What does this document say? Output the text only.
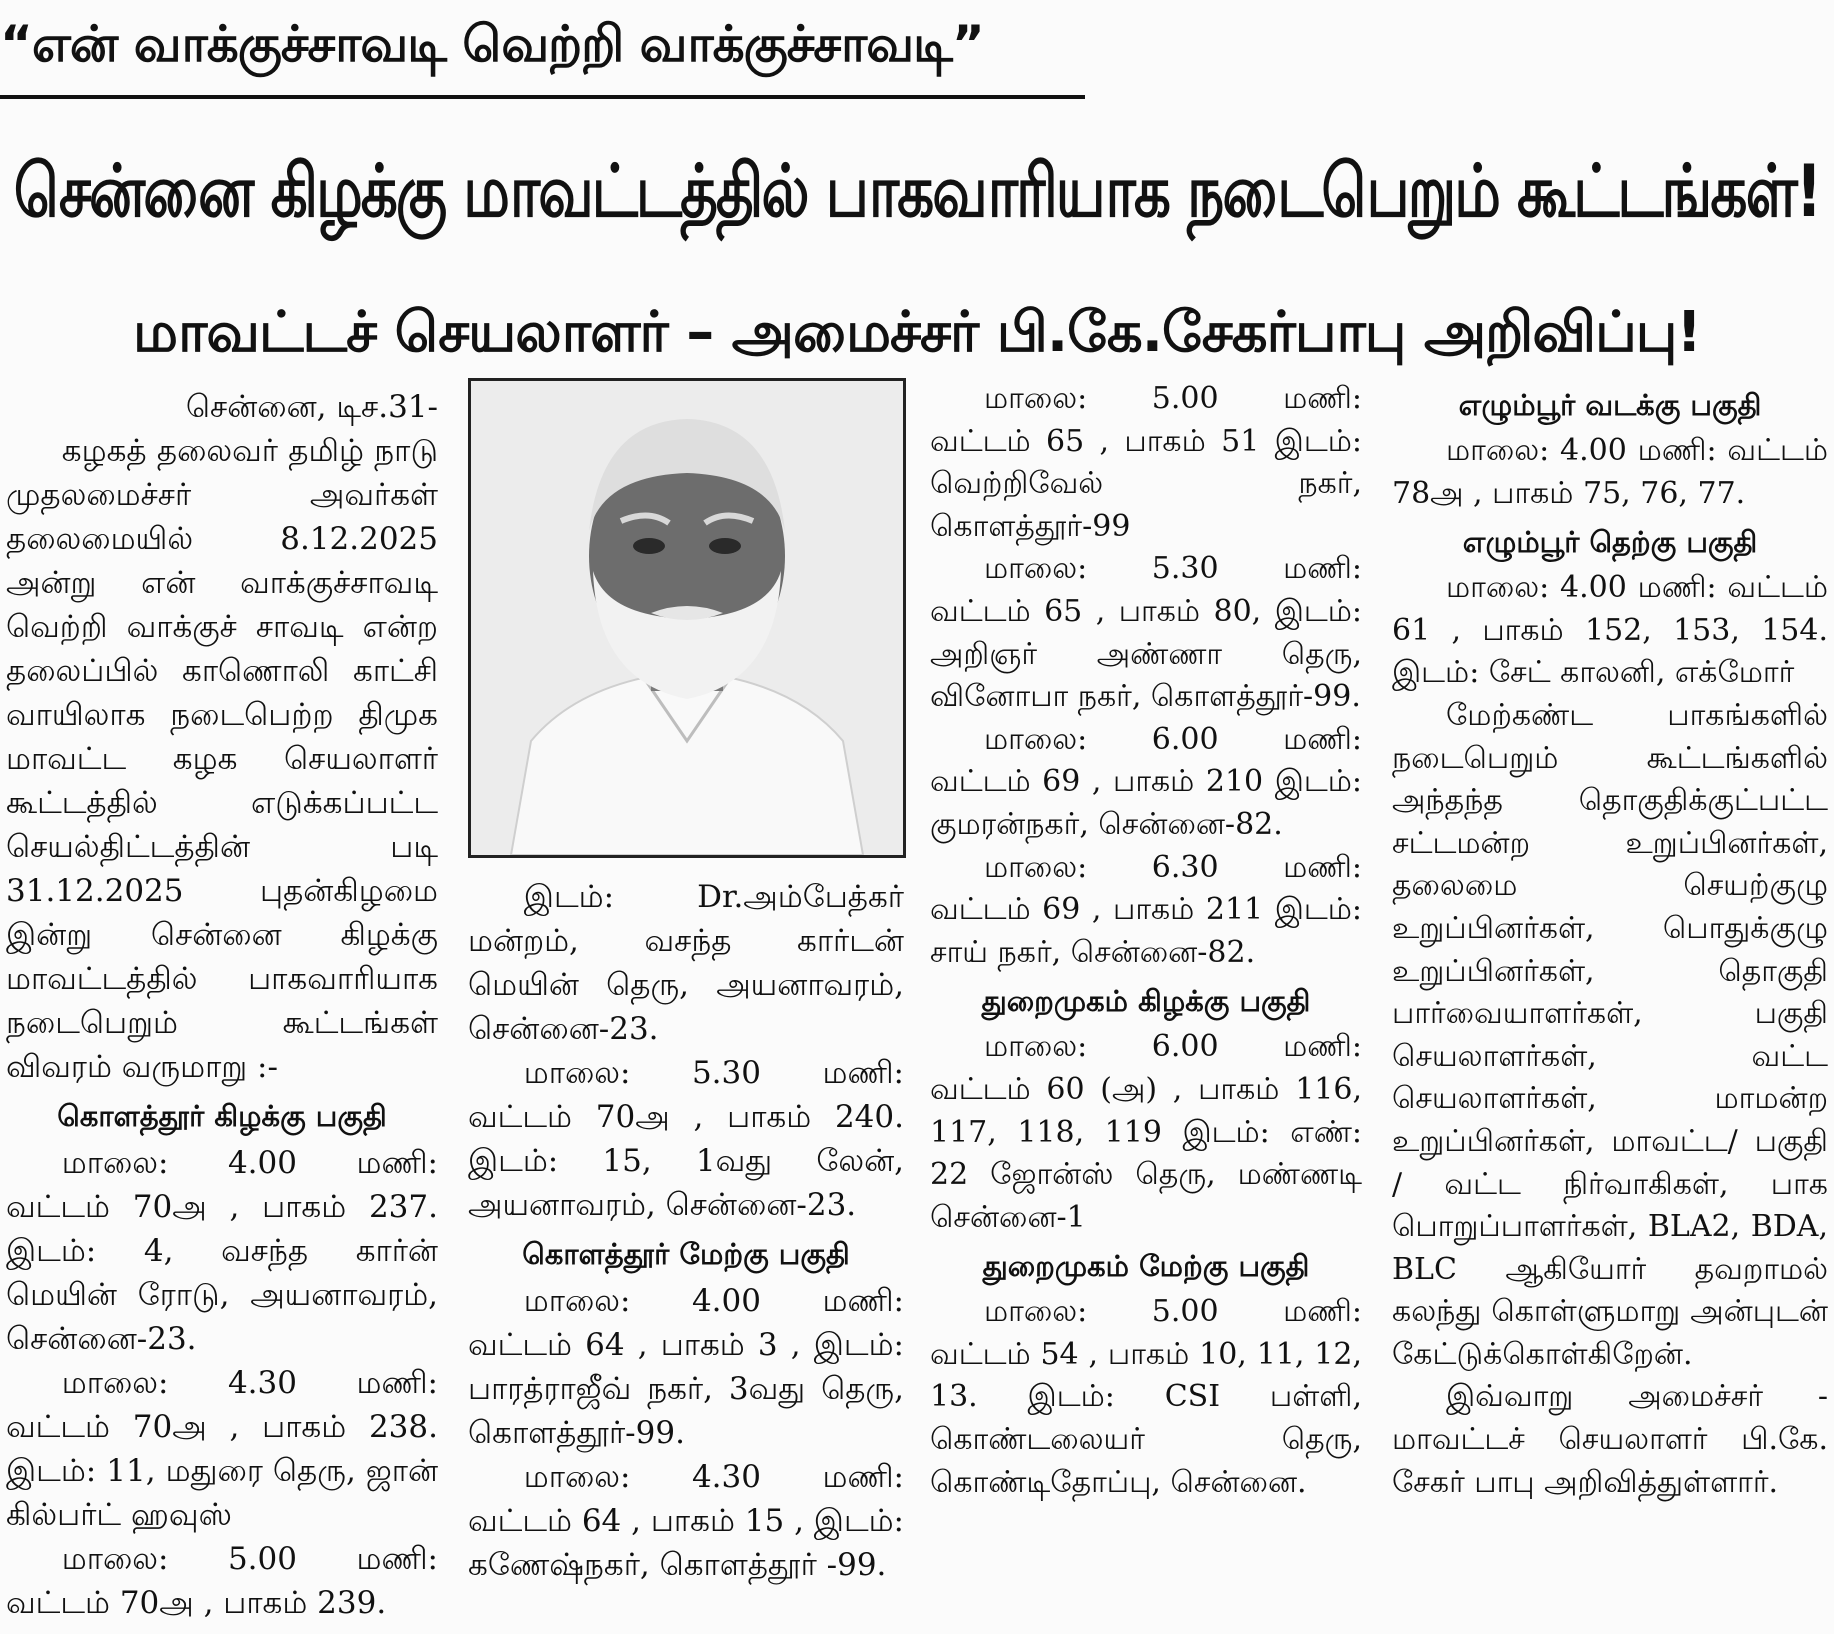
“என் வாக்குச்சாவடி வெற்றி வாக்குச்சாவடி”
சென்னை கிழக்கு மாவட்டத்தில் பாகவாரியாக நடைபெறும் கூட்டங்கள்!
மாவட்டச் செயலாளர் – அமைச்சர் பி.கே.சேகர்பாபு அறிவிப்பு!

சென்னை, டிச.31-

கழகத் தலைவர் தமிழ் நாடு முதலமைச்சர் அவர்கள் தலைமையில் 8.12.2025 அன்று என் வாக்குச்சாவடி வெற்றி வாக்குச் சாவடி என்ற தலைப்பில் காணொலி காட்சி வாயிலாக நடைபெற்ற திமுக மாவட்ட கழக செயலாளர் கூட்டத்தில் எடுக்கப்பட்ட செயல்திட்டத்தின் படி 31.12.2025 புதன்கிழமை இன்று சென்னை கிழக்கு மாவட்டத்தில் பாகவாரியாக நடைபெறும் கூட்டங்கள் விவரம் வருமாறு :-

கொளத்தூர் கிழக்கு பகுதி

மாலை: 4.00 மணி: வட்டம் 70அ , பாகம் 237. இடம்: 4, வசந்த கார்ன் மெயின் ரோடு, அயனாவரம், சென்னை-23.

மாலை: 4.30 மணி: வட்டம் 70அ , பாகம் 238. இடம்: 11, மதுரை தெரு, ஜான் கில்பர்ட் ஹவுஸ்

மாலை: 5.00 மணி: வட்டம் 70அ , பாகம் 239.

இடம்: Dr.அம்பேத்கர் மன்றம், வசந்த கார்டன் மெயின் தெரு, அயனாவரம், சென்னை-23.

மாலை: 5.30 மணி: வட்டம் 70அ , பாகம் 240. இடம்: 15, 1வது லேன், அயனாவரம், சென்னை-23.

கொளத்தூர் மேற்கு பகுதி

மாலை: 4.00 மணி: வட்டம் 64 , பாகம் 3 , இடம்: பாரத்ராஜீவ் நகர், 3வது தெரு, கொளத்தூர்-99.

மாலை: 4.30 மணி: வட்டம் 64 , பாகம் 15 , இடம்: கணேஷ்நகர், கொளத்தூர் -99.

மாலை: 5.00 மணி: வட்டம் 65 , பாகம் 51 இடம்: வெற்றிவேல் நகர், கொளத்தூர்-99

மாலை: 5.30 மணி: வட்டம் 65 , பாகம் 80, இடம்: அறிஞர் அண்ணா தெரு, வினோபா நகர், கொளத்தூர்-99.

மாலை: 6.00 மணி: வட்டம் 69 , பாகம் 210 இடம்: குமரன்நகர், சென்னை-82.

மாலை: 6.30 மணி: வட்டம் 69 , பாகம் 211 இடம்: சாய் நகர், சென்னை-82.

துறைமுகம் கிழக்கு பகுதி

மாலை: 6.00 மணி: வட்டம் 60 (அ) , பாகம் 116, 117, 118, 119 இடம்: எண்: 22 ஜோன்ஸ் தெரு, மண்ணடி சென்னை-1

துறைமுகம் மேற்கு பகுதி

மாலை: 5.00 மணி: வட்டம் 54 , பாகம் 10, 11, 12, 13. இடம்: CSI பள்ளி, கொண்டலையர் தெரு, கொண்டிதோப்பு, சென்னை.

எழும்பூர் வடக்கு பகுதி

மாலை: 4.00 மணி: வட்டம் 78அ , பாகம் 75, 76, 77.

எழும்பூர் தெற்கு பகுதி

மாலை: 4.00 மணி: வட்டம் 61 , பாகம் 152, 153, 154. இடம்: சேட் காலனி, எக்மோர்

மேற்கண்ட பாகங்களில் நடைபெறும் கூட்டங்களில் அந்தந்த தொகுதிக்குட்பட்ட சட்டமன்ற உறுப்பினர்கள், தலைமை செயற்குழு உறுப்பினர்கள், பொதுக்குழு உறுப்பினர்கள், தொகுதி பார்வையாளர்கள், பகுதி செயலாளர்கள், வட்ட செயலாளர்கள், மாமன்ற உறுப்பினர்கள், மாவட்ட/ பகுதி / வட்ட நிர்வாகிகள், பாக பொறுப்பாளர்கள், BLA2, BDA, BLC ஆகியோர் தவறாமல் கலந்து கொள்ளுமாறு அன்புடன் கேட்டுக்கொள்கிறேன்.

இவ்வாறு அமைச்சர் - மாவட்டச் செயலாளர் பி.கே. சேகர் பாபு அறிவித்துள்ளார்.
